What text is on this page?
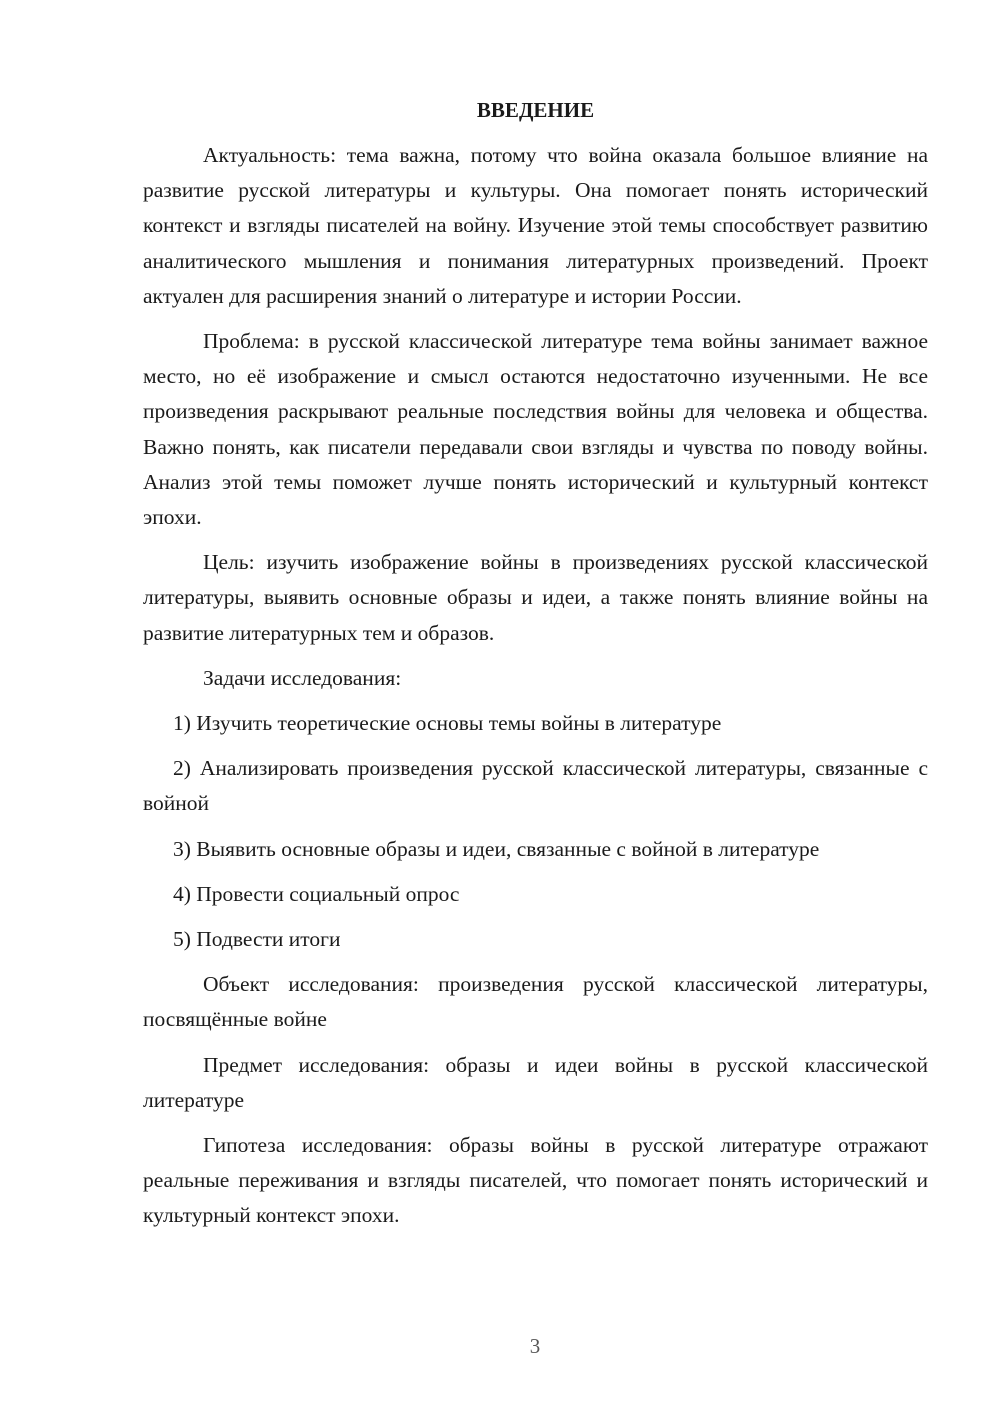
ВВЕДЕНИЕ

Актуальность: тема важна, потому что война оказала большое влияние на развитие русской литературы и культуры. Она помогает понять исторический контекст и взгляды писателей на войну. Изучение этой темы способствует развитию аналитического мышления и понимания литературных произведений. Проект актуален для расширения знаний о литературе и истории России.

Проблема: в русской классической литературе тема войны занимает важное место, но её изображение и смысл остаются недостаточно изученными. Не все произведения раскрывают реальные последствия войны для человека и общества. Важно понять, как писатели передавали свои взгляды и чувства по поводу войны. Анализ этой темы поможет лучше понять исторический и культурный контекст эпохи.

Цель: изучить изображение войны в произведениях русской классической литературы, выявить основные образы и идеи, а также понять влияние войны на развитие литературных тем и образов.

Задачи исследования:

1) Изучить теоретические основы темы войны в литературе

2) Анализировать произведения русской классической литературы, связанные с войной

3) Выявить основные образы и идеи, связанные с войной в литературе

4) Провести социальный опрос

5) Подвести итоги

Объект исследования: произведения русской классической литературы, посвящённые войне

Предмет исследования: образы и идеи войны в русской классической литературе

Гипотеза исследования: образы войны в русской литературе отражают реальные переживания и взгляды писателей, что помогает понять исторический и культурный контекст эпохи.

3
